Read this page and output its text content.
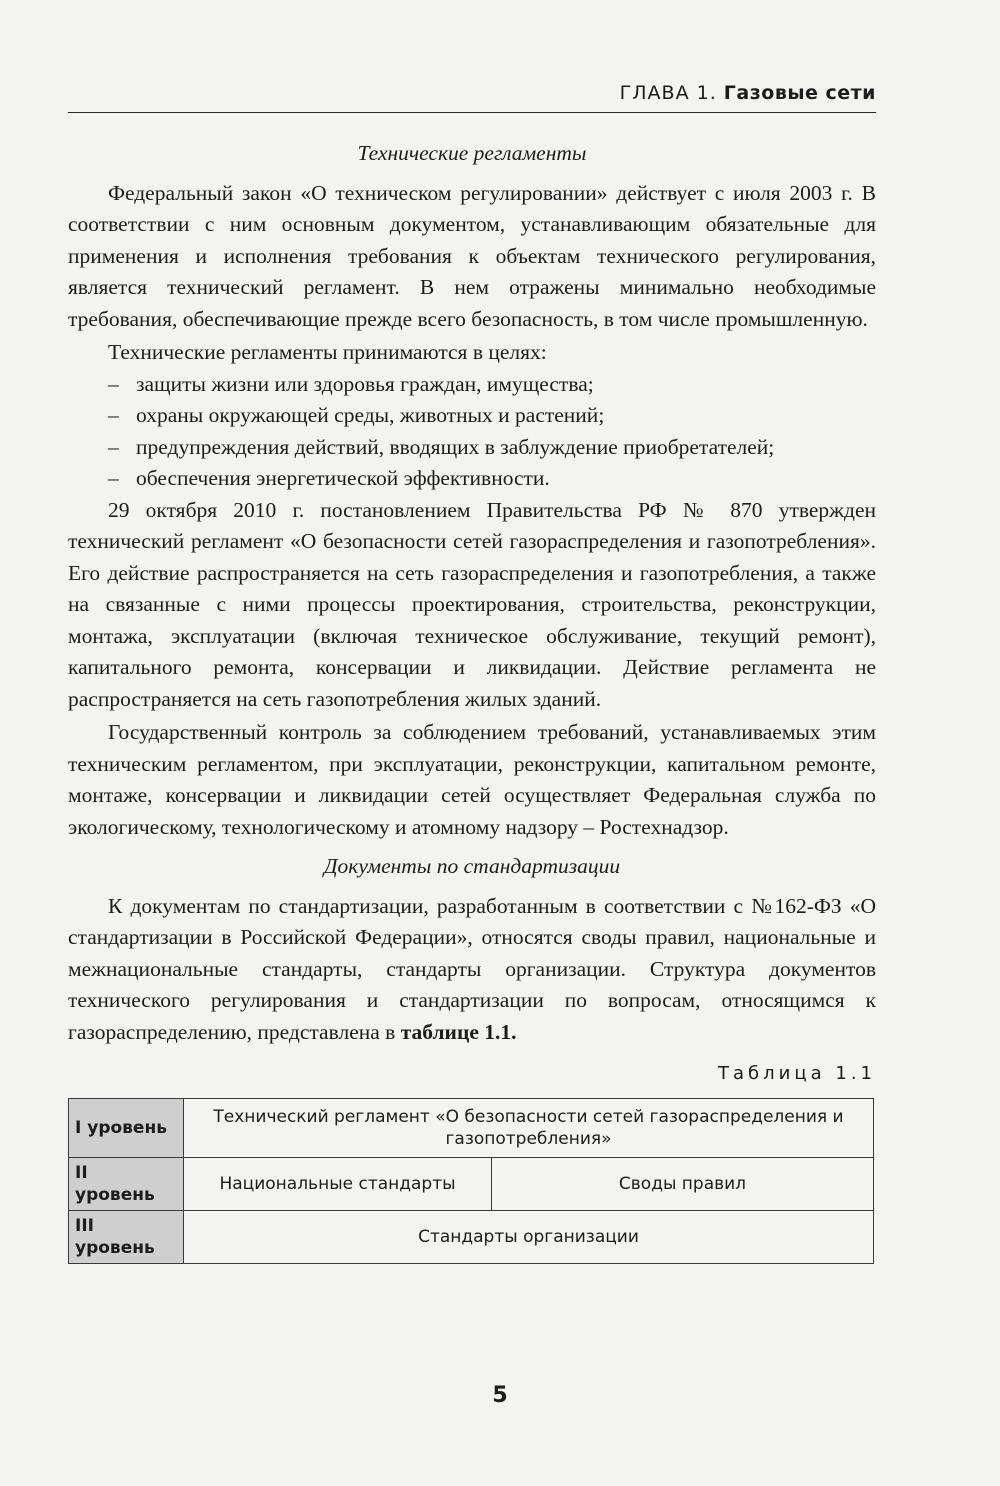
ГЛАВА 1. Газовые сети
Технические регламенты

Федеральный закон «О техническом регулировании» действует с июля 2003 г. В соответствии с ним основным документом, устанавливающим обязательные для применения и исполнения требования к объектам технического регулирования, является технический регламент. В нем отражены минимально необходимые требования, обеспечивающие прежде всего безопасность, в том числе промышленную.

Технические регламенты принимаются в целях:

– защиты жизни или здоровья граждан, имущества;
– охраны окружающей среды, животных и растений;
– предупреждения действий, вводящих в заблуждение приобретателей;
– обеспечения энергетической эффективности.

29 октября 2010 г. постановлением Правительства РФ № 870 утвержден технический регламент «О безопасности сетей газораспределения и газопотребления». Его действие распространяется на сеть газораспределения и газопотребления, а также на связанные с ними процессы проектирования, строительства, реконструкции, монтажа, эксплуатации (включая техническое обслуживание, текущий ремонт), капитального ремонта, консервации и ликвидации. Действие регламента не распространяется на сеть газопотребления жилых зданий.

Государственный контроль за соблюдением требований, устанавливаемых этим техническим регламентом, при эксплуатации, реконструкции, капитальном ремонте, монтаже, консервации и ликвидации сетей осуществляет Федеральная служба по экологическому, технологическому и атомному надзору – Ростехнадзор.

Документы по стандартизации

К документам по стандартизации, разработанным в соответствии с №162-ФЗ «О стандартизации в Российской Федерации», относятся своды правил, национальные и межнациональные стандарты, стандарты организации. Структура документов технического регулирования и стандартизации по вопросам, относящимся к газораспределению, представлена в таблице 1.1.

Таблица 1.1
I уровень	Технический регламент «О безопасности сетей газораспределения и газопотребления»	
II уровень	Национальные стандарты	Своды правил
III уровень	Стандарты организации	
5
